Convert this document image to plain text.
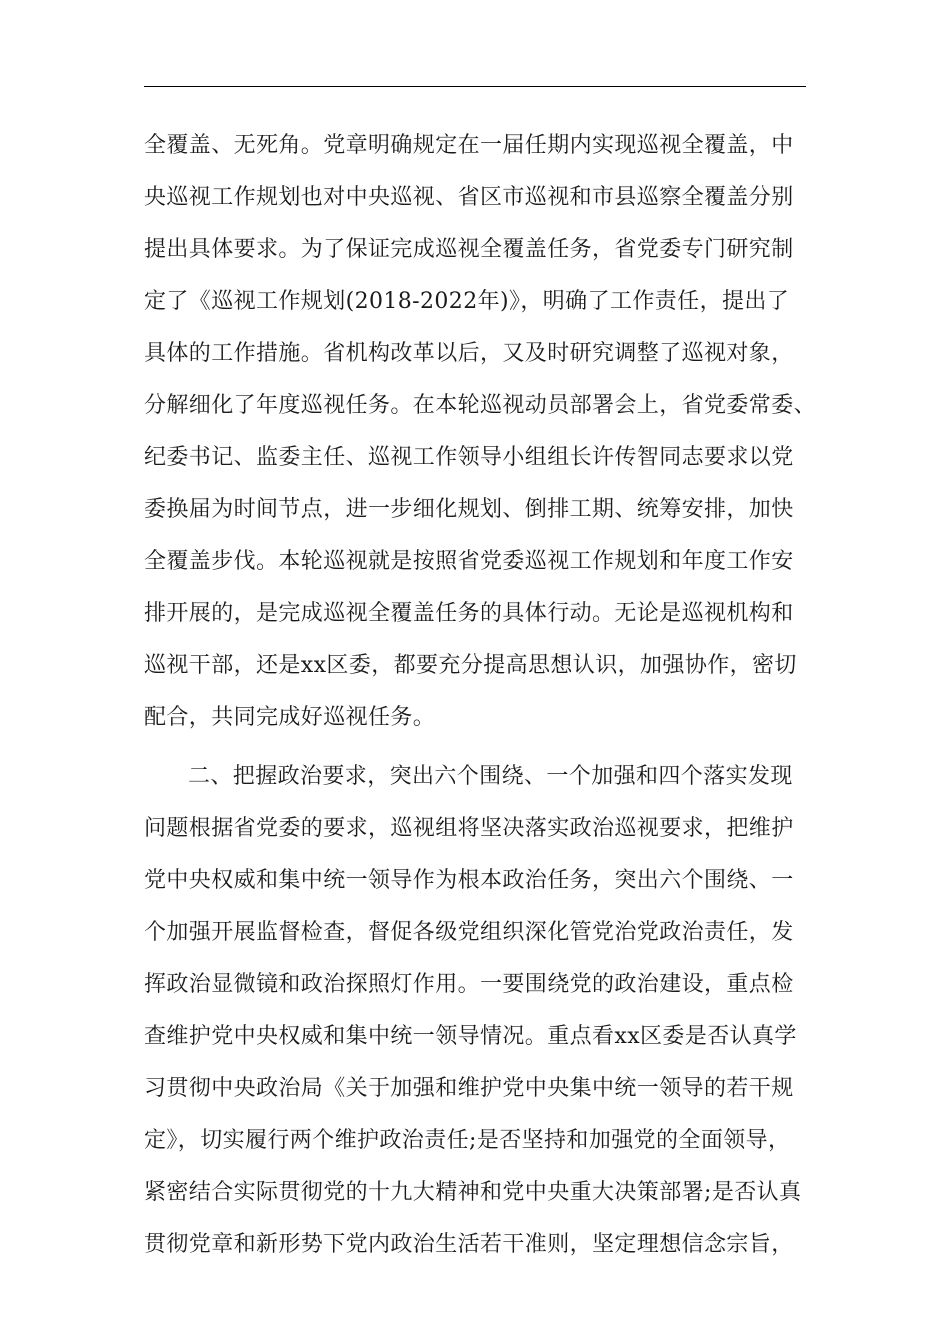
全覆盖、无死角。党章明确规定在一届任期内实现巡视全覆盖，中
央巡视工作规划也对中央巡视、省区市巡视和市县巡察全覆盖分别
提出具体要求。为了保证完成巡视全覆盖任务，省党委专门研究制
定了《巡视工作规划(2018-2022年)》，明确了工作责任，提出了
具体的工作措施。省机构改革以后，又及时研究调整了巡视对象，
分解细化了年度巡视任务。在本轮巡视动员部署会上，省党委常委、
纪委书记、监委主任、巡视工作领导小组组长许传智同志要求以党
委换届为时间节点，进一步细化规划、倒排工期、统筹安排，加快
全覆盖步伐。本轮巡视就是按照省党委巡视工作规划和年度工作安
排开展的，是完成巡视全覆盖任务的具体行动。无论是巡视机构和
巡视干部，还是xx区委，都要充分提高思想认识，加强协作，密切
配合，共同完成好巡视任务。
二、把握政治要求，突出六个围绕、一个加强和四个落实发现
问题根据省党委的要求，巡视组将坚决落实政治巡视要求，把维护
党中央权威和集中统一领导作为根本政治任务，突出六个围绕、一
个加强开展监督检查，督促各级党组织深化管党治党政治责任，发
挥政治显微镜和政治探照灯作用。一要围绕党的政治建设，重点检
查维护党中央权威和集中统一领导情况。重点看xx区委是否认真学
习贯彻中央政治局《关于加强和维护党中央集中统一领导的若干规
定》，切实履行两个维护政治责任;是否坚持和加强党的全面领导，
紧密结合实际贯彻党的十九大精神和党中央重大决策部署;是否认真
贯彻党章和新形势下党内政治生活若干准则，坚定理想信念宗旨，
